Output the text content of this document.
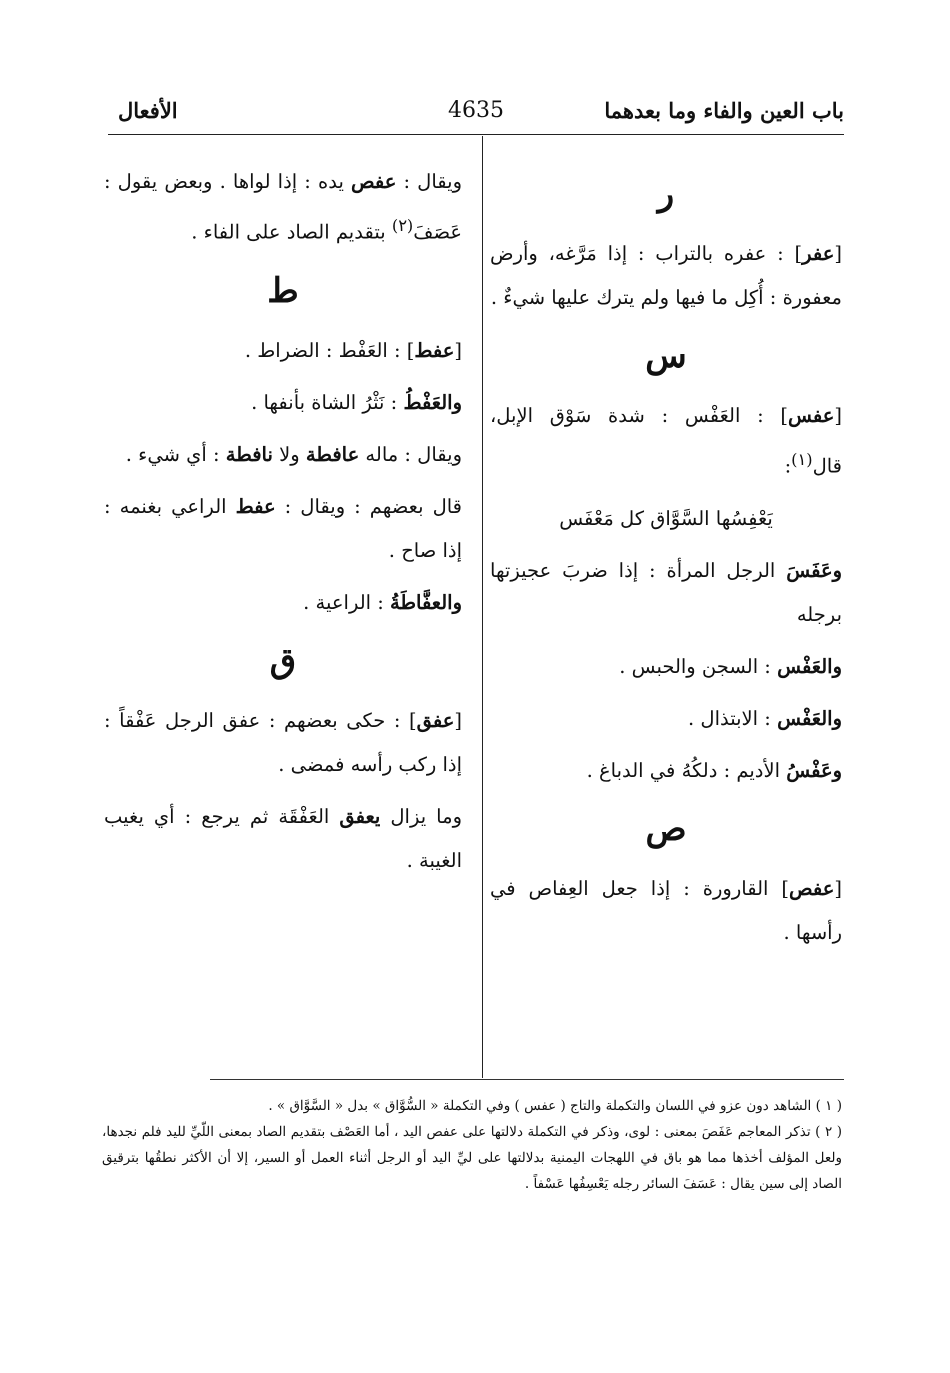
باب العين والفاء وما بعدهما
4635
الأفعال
ر

[عفر] : عفره بالتراب : إذا مَرَّغه، وأرض معفورة : أُكِل ما فيها ولم يترك عليها شيءٌ .

س

[عفس] : العَفْس : شدة سَوْق الإبل، قال$^{(١)}$:

يَعْفِسُها السَّوَّاق كل مَعْفَس

وعَفَسَ الرجل المرأة : إذا ضربَ عجيزتها برجله

والعَفْس : السجن والحبس .

والعَفْس : الابتذال .

وعَفْسُ الأديم : دلكُهُ في الدباغ .

ص

[عفص] القارورة : إذا جعل العِفاص في رأسها .

ويقال : عفص يده : إذا لواها . وبعض يقول : عَصَفَ$^{(٢)}$ بتقديم الصاد على الفاء .

ط

[عفط] : العَفْط : الضراط .

والعَفْطُ : نَثْرُ الشاة بأنفها .

ويقال : ماله عافطة ولا نافطة : أي شيء .

قال بعضهم : ويقال : عفط الراعي بغنمه : إذا صاح .

والعفَّاطَةُ : الراعية .

ق

[عفق] : حكى بعضهم : عفق الرجل عَفْقاً : إذا ركب رأسه فمضى .

وما يزال يعفق العَفْقَة ثم يرجع : أي يغيب الغيبة .

( ١ ) الشاهد دون عزو في اللسان والتكملة والتاج ( عفس ) وفي التكملة « السُّوَّاق » بدل « السَّوَّاق » .

( ٢ ) تذكر المعاجم عَفَصَ بمعنى : لوى، وذكر في التكملة دلالتها على عفص اليد ، أما العَصْف بتقديم الصاد بمعنى اللّيِّ لليد فلم نجدها، ولعل المؤلف أخذها مما هو باق في اللهجات اليمنية بدلالتها على ليِّ اليد أو الرجل أثناء العمل أو السير، إلا أن الأكثر نطقُها بترقيق الصاد إلى سين يقال : عَسَفَ السائر رجله يَعْسِفُها عَسْفاً .
